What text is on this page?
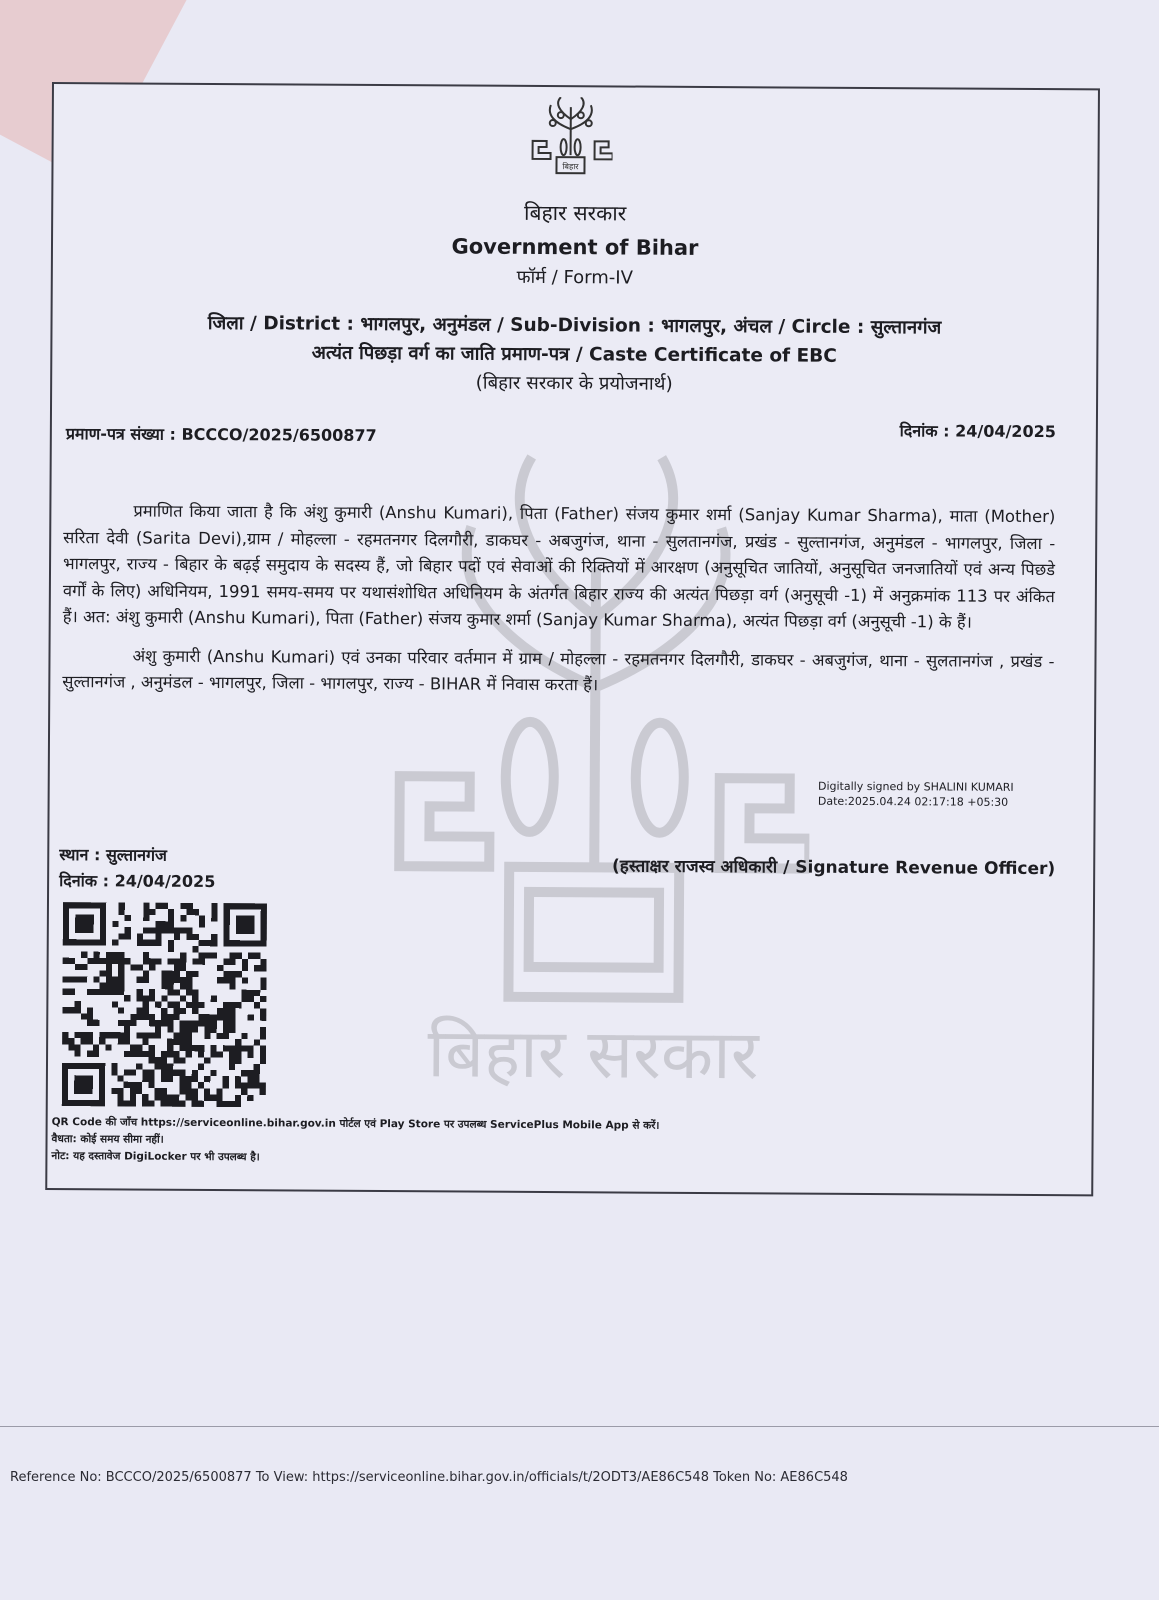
बिहार सरकार
बिहार
बिहार सरकार
Government of Bihar
फॉर्म / Form-IV
जिला / District : भागलपुर, अनुमंडल / Sub-Division : भागलपुर, अंचल / Circle : सुल्तानगंज
अत्यंत पिछड़ा वर्ग का जाति प्रमाण-पत्र / Caste Certificate of EBC
(बिहार सरकार के प्रयोजनार्थ)
प्रमाण-पत्र संख्या : BCCCO/2025/6500877	दिनांक : 24/04/2025

प्रमाणित किया जाता है कि अंशु कुमारी (Anshu Kumari), पिता (Father) संजय कुमार शर्मा (Sanjay Kumar Sharma), माता (Mother) सरिता देवी (Sarita Devi),ग्राम / मोहल्ला - रहमतनगर दिलगौरी, डाकघर - अबजुगंज, थाना - सुलतानगंज, प्रखंड - सुल्तानगंज, अनुमंडल - भागलपुर, जिला - भागलपुर, राज्य - बिहार के बढ़ई समुदाय के सदस्य हैं, जो बिहार पदों एवं सेवाओं की रिक्तियों में आरक्षण (अनुसूचित जातियों, अनुसूचित जनजातियों एवं अन्य पिछडे वर्गों के लिए) अधिनियम, 1991 समय-समय पर यथासंशोधित अधिनियम के अंतर्गत बिहार राज्य की अत्यंत पिछड़ा वर्ग (अनुसूची -1) में अनुक्रमांक 113 पर अंकित हैं। अत: अंशु कुमारी (Anshu Kumari), पिता (Father) संजय कुमार शर्मा (Sanjay Kumar Sharma), अत्यंत पिछड़ा वर्ग (अनुसूची -1) के हैं।

अंशु कुमारी (Anshu Kumari) एवं उनका परिवार वर्तमान में ग्राम / मोहल्ला - रहमतनगर दिलगौरी, डाकघर - अबजुगंज, थाना - सुलतानगंज , प्रखंड - सुल्तानगंज , अनुमंडल - भागलपुर, जिला - भागलपुर, राज्य - BIHAR में निवास करता हैं।

Digitally signed by SHALINI KUMARI
Date:2025.04.24 02:17:18 +05:30
स्थान : सुल्तानगंज
दिनांक : 24/04/2025
(हस्ताक्षर राजस्व अधिकारी / Signature Revenue Officer)
QR Code की जाँच https://serviceonline.bihar.gov.in पोर्टल एवं Play Store पर उपलब्ध ServicePlus Mobile App से करें।
वैधता: कोई समय सीमा नहीं।
नोट: यह दस्तावेज DigiLocker पर भी उपलब्ध है।
Reference No: BCCCO/2025/6500877 To View: https://serviceonline.bihar.gov.in/officials/t/2ODT3/AE86C548 Token No: AE86C548
